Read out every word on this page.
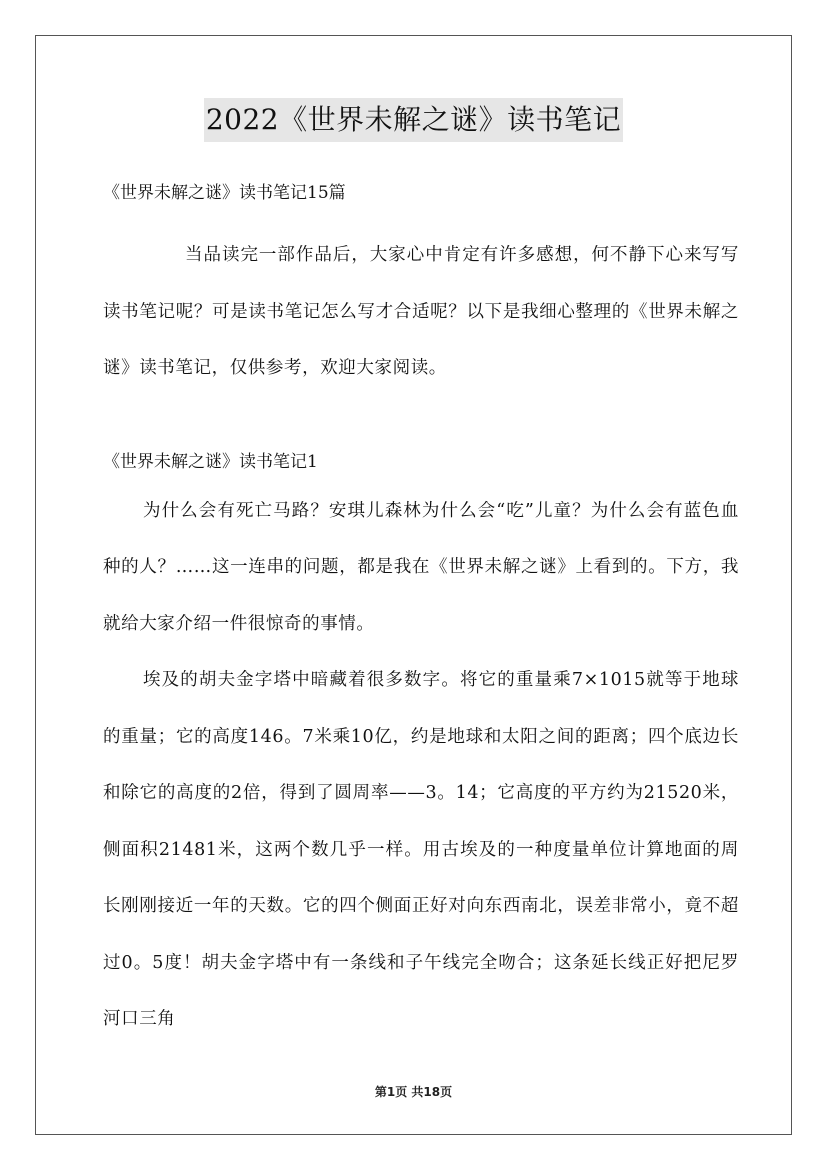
2022《世界未解之谜》读书笔记

《世界未解之谜》读书笔记15篇

当品读完一部作品后，大家心中肯定有许多感想，何不静下心来写写读书笔记呢？可是读书笔记怎么写才合适呢？以下是我细心整理的《世界未解之谜》读书笔记，仅供参考，欢迎大家阅读。

《世界未解之谜》读书笔记1

为什么会有死亡马路？安琪儿森林为什么会“吃”儿童？为什么会有蓝色血种的人？……这一连串的问题，都是我在《世界未解之谜》上看到的。下方，我就给大家介绍一件很惊奇的事情。

埃及的胡夫金字塔中暗藏着很多数字。将它的重量乘7×1015就等于地球的重量；它的高度146。7米乘10亿，约是地球和太阳之间的距离；四个底边长和除它的高度的2倍，得到了圆周率——3。14；它高度的平方约为21520米，侧面积21481米，这两个数几乎一样。用古埃及的一种度量单位计算地面的周长刚刚接近一年的天数。它的四个侧面正好对向东西南北，误差非常小，竟不超过0。5度！胡夫金字塔中有一条线和子午线完全吻合；这条延长线正好把尼罗河口三角

第1页 共18页
